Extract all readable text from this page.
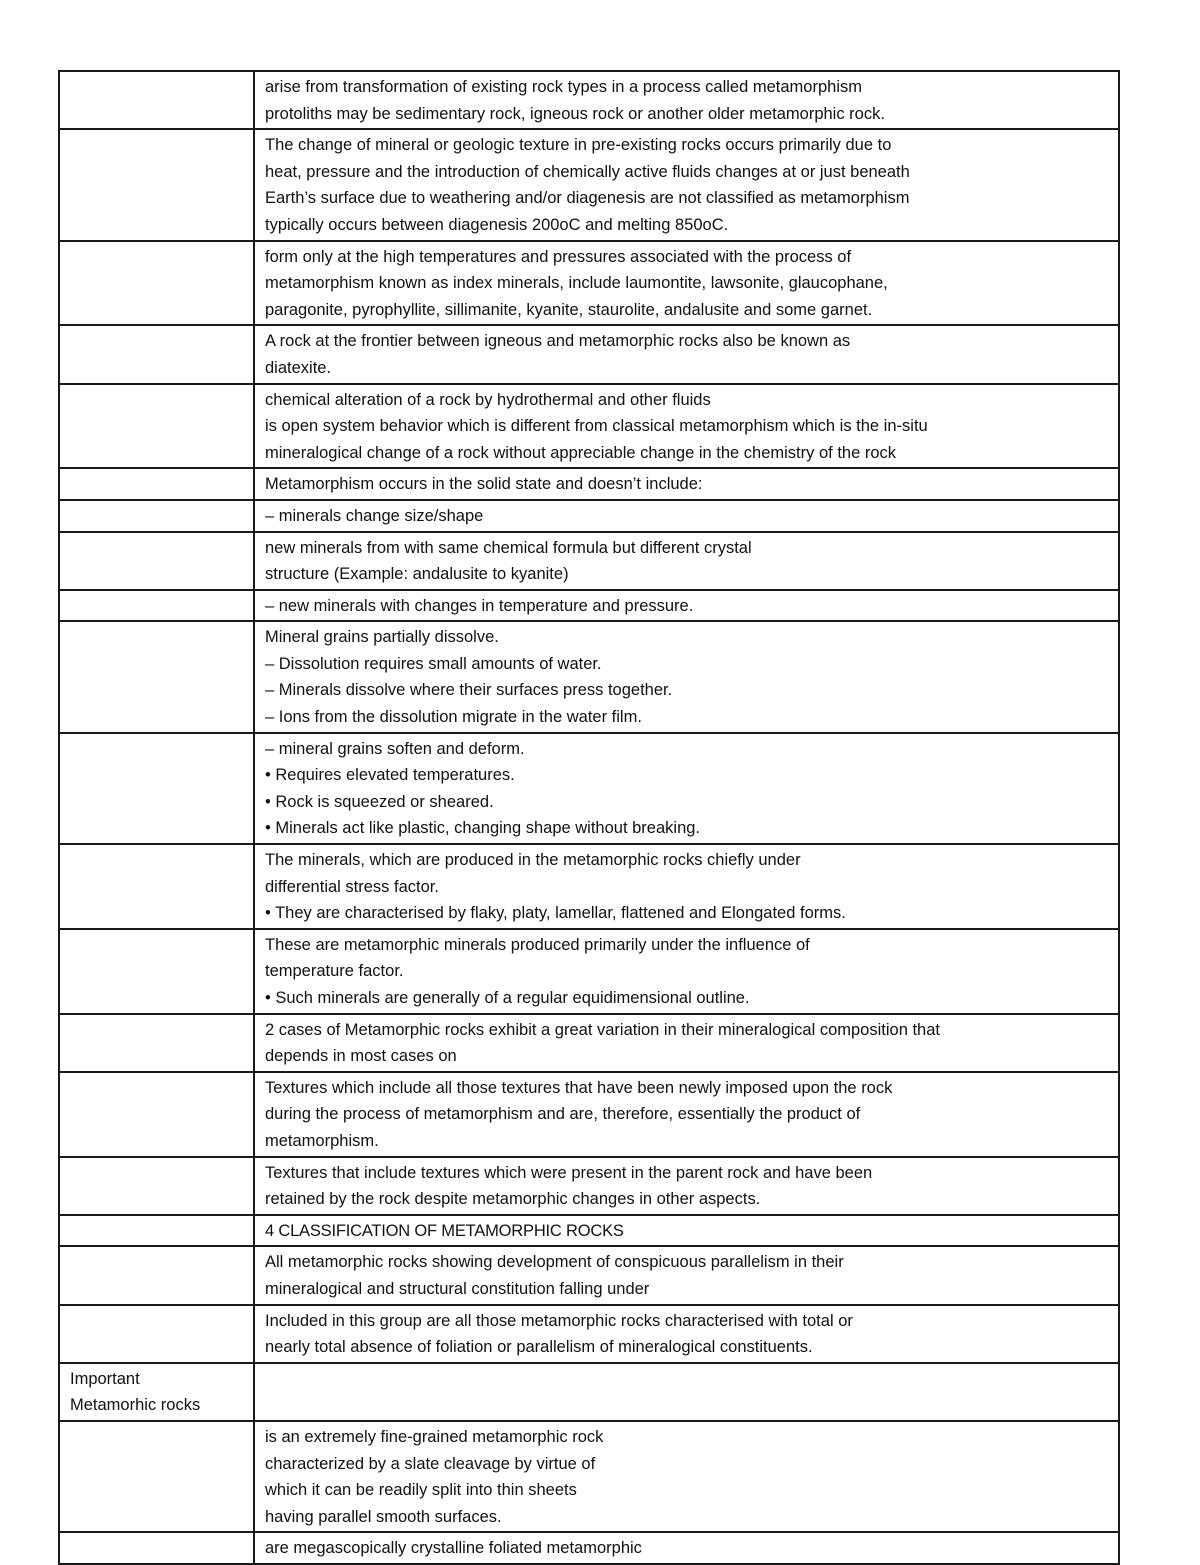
	arise from transformation of existing rock types in a process called metamorphism
protoliths may be sedimentary rock, igneous rock or another older metamorphic rock.

	The change of mineral or geologic texture in pre-existing rocks occurs primarily due to
heat, pressure and the introduction of chemically active fluids changes at or just beneath
Earth’s surface due to weathering and/or diagenesis are not classified as metamorphism
typically occurs between diagenesis 200oC and melting 850oC.

	form only at the high temperatures and pressures associated with the process of
metamorphism known as index minerals, include laumontite, lawsonite, glaucophane,
paragonite, pyrophyllite, sillimanite, kyanite, staurolite, andalusite and some garnet.

	A rock at the frontier between igneous and metamorphic rocks also be known as
diatexite.

	chemical alteration of a rock by hydrothermal and other fluids
is open system behavior which is different from classical metamorphism which is the in-situ
mineralogical change of a rock without appreciable change in the chemistry of the rock

	Metamorphism occurs in the solid state and doesn’t include:

	– minerals change size/shape

	new minerals from with same chemical formula but different crystal
structure (Example: andalusite to kyanite)

	– new minerals with changes in temperature and pressure.

	Mineral grains partially dissolve.
– Dissolution requires small amounts of water.
– Minerals dissolve where their surfaces press together.
– Ions from the dissolution migrate in the water film.

	– mineral grains soften and deform.
• Requires elevated temperatures.
• Rock is squeezed or sheared.
• Minerals act like plastic, changing shape without breaking.

	The minerals, which are produced in the metamorphic rocks chiefly under
differential stress factor.
• They are characterised by flaky, platy, lamellar, flattened and Elongated forms.

	These are metamorphic minerals produced primarily under the influence of
temperature factor.
• Such minerals are generally of a regular equidimensional outline.

	2 cases of Metamorphic rocks exhibit a great variation in their mineralogical composition that
depends in most cases on

	Textures which include all those textures that have been newly imposed upon the rock
during the process of metamorphism and are, therefore, essentially the product of
metamorphism.

	Textures that include textures which were present in the parent rock and have been
retained by the rock despite metamorphic changes in other aspects.

	4 CLASSIFICATION OF METAMORPHIC ROCKS

	All metamorphic rocks showing development of conspicuous parallelism in their
mineralogical and structural constitution falling under

	Included in this group are all those metamorphic rocks characterised with total or
nearly total absence of foliation or parallelism of mineralogical constituents.

Important
Metamorhic rocks	

	is an extremely fine-grained metamorphic rock
characterized by a slate cleavage by virtue of
which it can be readily split into thin sheets
having parallel smooth surfaces.

	are megascopically crystalline foliated metamorphic
